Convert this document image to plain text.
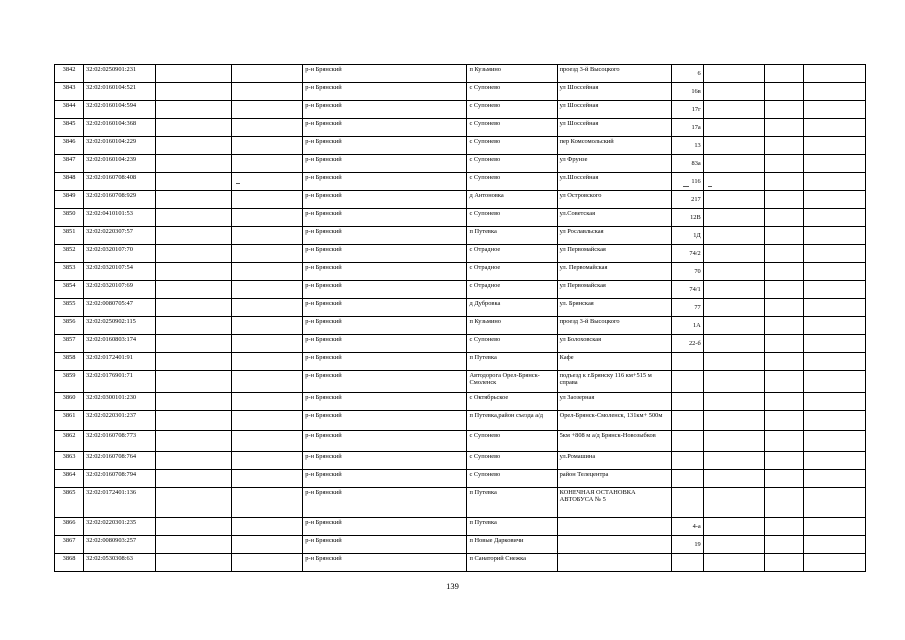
3842	32:02:0250901:231			р-н Брянский	п Кузьмино	проезд 3-й Высоцкого	6			
3843	32:02:0160104:521			р-н Брянский	с Супонево	ул Шоссейная	16в			
3844	32:02:0160104:594			р-н Брянский	с Супонево	ул Шоссейная	17г			
3845	32:02:0160104:368			р-н Брянский	с Супонево	ул Шоссейная	17а			
3846	32:02:0160104:229			р-н Брянский	с Супонево	пер Комсомольский	13			
3847	32:02:0160104:239			р-н Брянский	с Супонево	ул Фрунзе	83а			
3848	32:02:0160708:408			р-н Брянский	с Супонево	ул.Шоссейная	116			
3849	32:02:0160708:929			р-н Брянский	д Антоновка	ул Островского	217			
3850	32:02:0410101:53			р-н Брянский	с Супонево	ул.Советская	12В			
3851	32:02:0220307:57			р-н Брянский	п Путевка	ул Рославльская	1Д			
3852	32:02:0320107:70			р-н Брянский	с Отрадное	ул Первомайская	74/2			
3853	32:02:0320107:54			р-н Брянский	с Отрадное	ул. Первомайская	70			
3854	32:02:0320107:69			р-н Брянский	с Отрадное	ул Первомайская	74/1			
3855	32:02:0080705:47			р-н Брянский	д Дубровка	ул. Брянская	77			
3856	32:02:0250902:115			р-н Брянский	п Кузьмино	проезд 3-й Высоцкого	1А			
3857	32:02:0160803:174			р-н Брянский	с Супонево	ул Болоховская	22-б			
3858	32:02:0172401:91			р-н Брянский	п Путевка	Кафе				
3859	32:02:0176901:71			р-н Брянский	Автодорога Орел-Брянск-Смоленск	подъезд к г.Брянску 116 км+515 м справа				
3860	32:02:0300101:230			р-н Брянский	с Октябрьское	ул Заозерная				
3861	32:02:0220301:237			р-н Брянский	п Путевка,район съезда а/д	Орел-Брянск-Смоленск, 131км+ 500м				
3862	32:02:0160708:773			р-н Брянский	с Супонево	5км +808 м а/д Брянск-Новозыбков				
3863	32:02:0160708:764			р-н Брянский	с Супонево	ул.Ромашина				
3864	32:02:0160708:794			р-н Брянский	с Супонево	район Телецентра				
3865	32:02:0172401:136			р-н Брянский	п Путевка	КОНЕЧНАЯ ОСТАНОВКА АВТОБУСА № 5				
3866	32:02:0220301:235			р-н Брянский	п Путевка		4-а			
3867	32:02:0080903:257			р-н Брянский	п Новые Дарковичи		19			
3868	32:02:0530308:63			р-н Брянский	п Санаторий Снежка					
139
